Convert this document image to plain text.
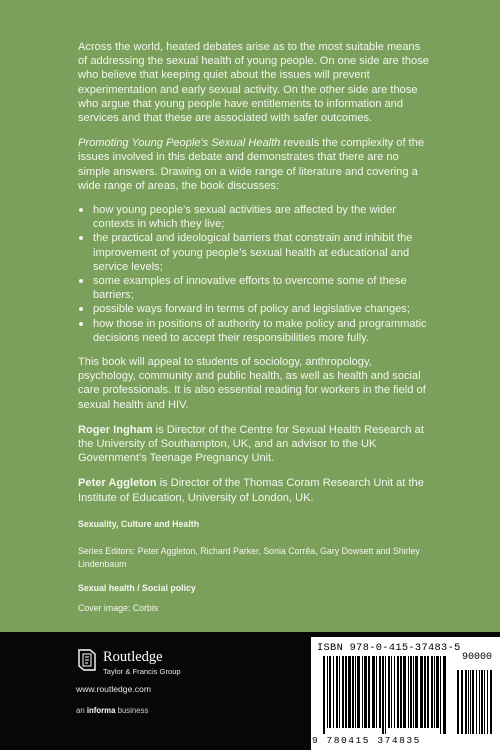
Across the world, heated debates arise as to the most suitable means of addressing the sexual health of young people. On one side are those who believe that keeping quiet about the issues will prevent experimentation and early sexual activity. On the other side are those who argue that young people have entitlements to information and services and that these are associated with safer outcomes.

Promoting Young People's Sexual Health reveals the complexity of the issues involved in this debate and demonstrates that there are no simple answers. Drawing on a wide range of literature and covering a wide range of areas, the book discusses:

how young people’s sexual activities are affected by the wider contexts in which they live;
the practical and ideological barriers that constrain and inhibit the improvement of young people’s sexual health at educational and service levels;
some examples of innovative efforts to overcome some of these barriers;
possible ways forward in terms of policy and legislative changes;
how those in positions of authority to make policy and programmatic decisions need to accept their responsibilities more fully.

This book will appeal to students of sociology, anthropology, psychology, community and public health, as well as health and social care professionals. It is also essential reading for workers in the field of sexual health and HIV.

Roger Ingham is Director of the Centre for Sexual Health Research at the University of Southampton, UK, and an advisor to the UK Government’s Teenage Pregnancy Unit.

Peter Aggleton is Director of the Thomas Coram Research Unit at the Institute of Education, University of London, UK.

Sexuality, Culture and Health
Series Editors: Peter Aggleton, Richard Parker, Sonia Corrêa, Gary Dowsett and Shirley Lindenbaum
Sexual health / Social policy
Cover image: Corbis
Routledge
Taylor & Francis Group
www.routledge.com
an informa business
ISBN 978-0-415-37483-5
9 780415 374835
90000
